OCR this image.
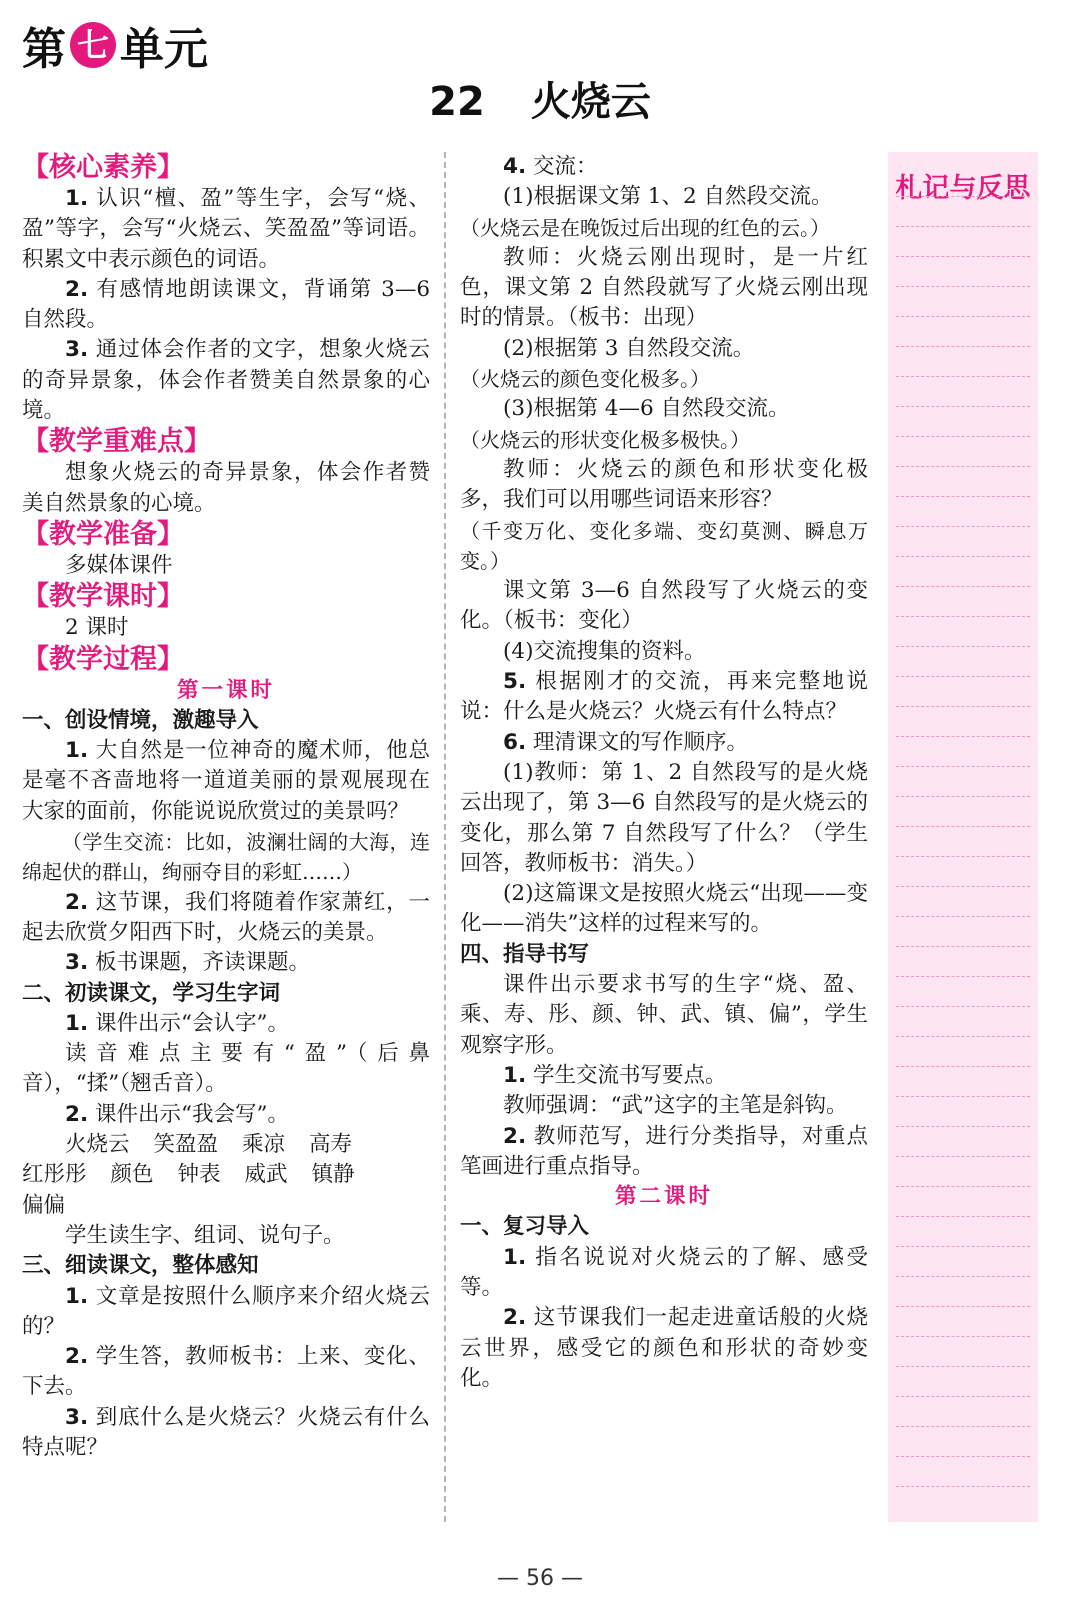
第 七 单元
22 火烧云

【核心素养】

1. 认识“檀、盈”等生字，会写“烧、盈”等字，会写“火烧云、笑盈盈”等词语。积累文中表示颜色的词语。

2. 有感情地朗读课文，背诵第 3—6 自然段。

3. 通过体会作者的文字，想象火烧云的奇异景象，体会作者赞美自然景象的心境。

【教学重难点】

想象火烧云的奇异景象，体会作者赞美自然景象的心境。

【教学准备】

多媒体课件

【教学课时】

2 课时

【教学过程】

第一课时

一、创设情境，激趣导入

1. 大自然是一位神奇的魔术师，他总是毫不吝啬地将一道道美丽的景观展现在大家的面前，你能说说欣赏过的美景吗？

（学生交流：比如，波澜壮阔的大海，连绵起伏的群山，绚丽夺目的彩虹……）

2. 这节课，我们将随着作家萧红，一起去欣赏夕阳西下时，火烧云的美景。

3. 板书课题，齐读课题。

二、初读课文，学习生字词

1. 课件出示“会认字”。

读音难点主要有“盈”（后鼻音），“揉”（翘舌音）。

2. 课件出示“我会写”。

火烧云 笑盈盈 乘凉 高寿
红彤彤 颜色 钟表 威武 镇静
偏偏

学生读生字、组词、说句子。

三、细读课文，整体感知

1. 文章是按照什么顺序来介绍火烧云的？

2. 学生答，教师板书：上来、变化、下去。

3. 到底什么是火烧云？火烧云有什么特点呢？

4. 交流：

(1)根据课文第 1、2 自然段交流。

（火烧云是在晚饭过后出现的红色的云。）

教师：火烧云刚出现时，是一片红色，课文第 2 自然段就写了火烧云刚出现时的情景。（板书：出现）

(2)根据第 3 自然段交流。

（火烧云的颜色变化极多。）

(3)根据第 4—6 自然段交流。

（火烧云的形状变化极多极快。）

教师：火烧云的颜色和形状变化极多，我们可以用哪些词语来形容？

（千变万化、变化多端、变幻莫测、瞬息万变。）

课文第 3—6 自然段写了火烧云的变化。（板书：变化）

(4)交流搜集的资料。

5. 根据刚才的交流，再来完整地说说：什么是火烧云？火烧云有什么特点？

6. 理清课文的写作顺序。

(1)教师：第 1、2 自然段写的是火烧云出现了，第 3—6 自然段写的是火烧云的变化，那么第 7 自然段写了什么？（学生回答，教师板书：消失。）

(2)这篇课文是按照火烧云“出现——变化——消失”这样的过程来写的。

四、指导书写

课件出示要求书写的生字“烧、盈、乘、寿、彤、颜、钟、武、镇、偏”，学生观察字形。

1. 学生交流书写要点。

教师强调：“武”这字的主笔是斜钩。

2. 教师范写，进行分类指导，对重点笔画进行重点指导。

第二课时

一、复习导入

1. 指名说说对火烧云的了解、感受等。

2. 这节课我们一起走进童话般的火烧云世界，感受它的颜色和形状的奇妙变化。

札记与反思
— 56 —
